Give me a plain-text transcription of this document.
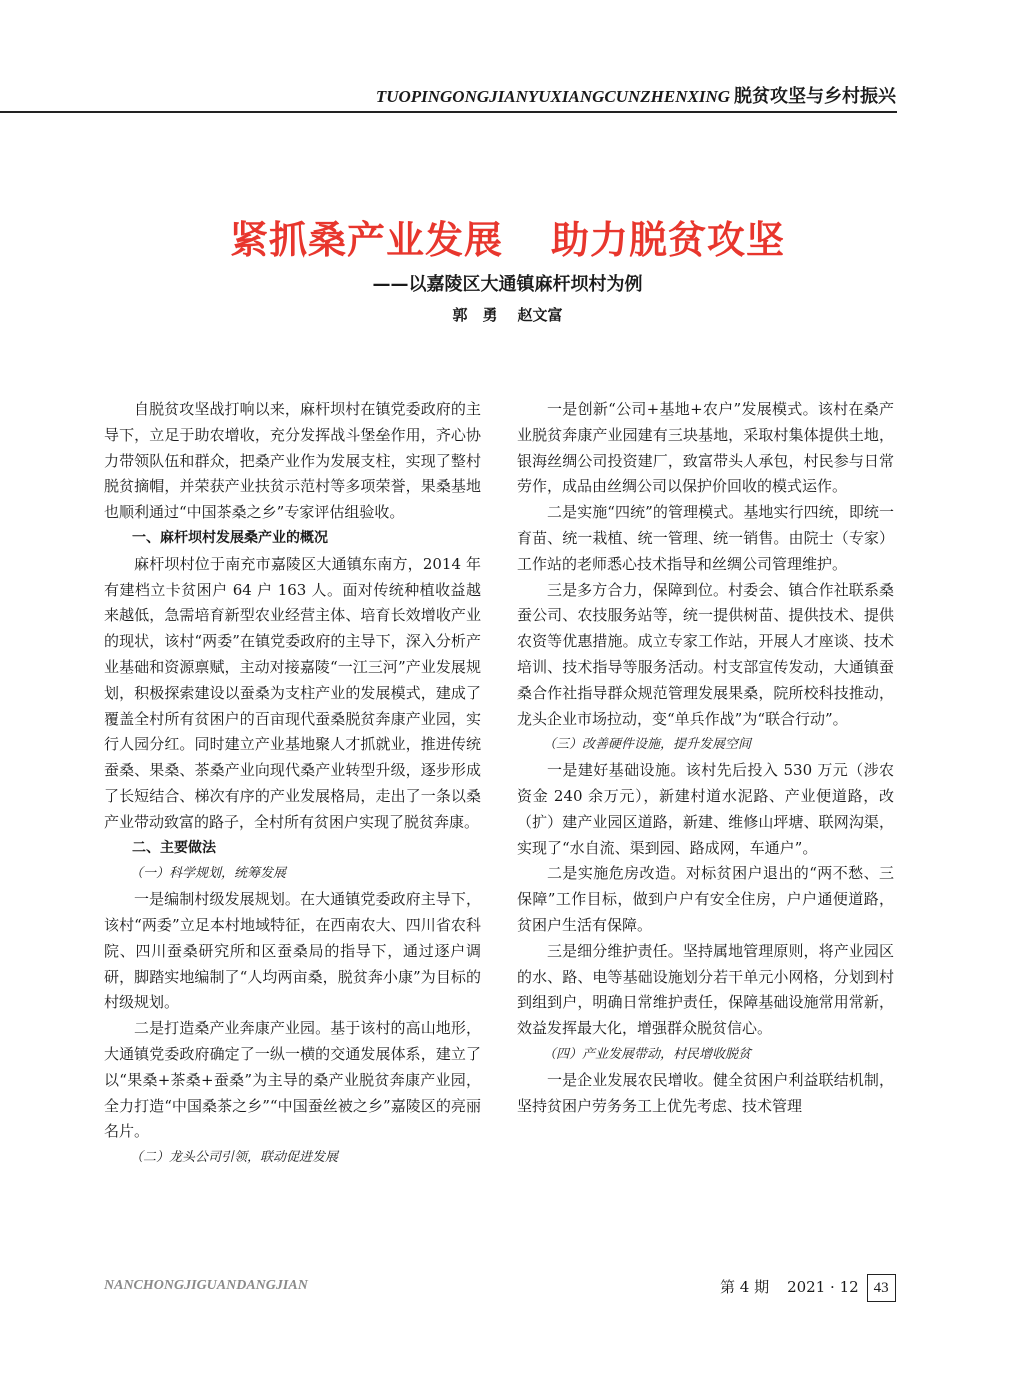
TUOPINGONGJIANYUXIANGCUNZHENXING 脱贫攻坚与乡村振兴
紧抓桑产业发展 助力脱贫攻坚
——以嘉陵区大通镇麻杆坝村为例
郭　勇 赵文富

自脱贫攻坚战打响以来，麻杆坝村在镇党委政府的主导下，立足于助农增收，充分发挥战斗堡垒作用，齐心协力带领队伍和群众，把桑产业作为发展支柱，实现了整村脱贫摘帽，并荣获产业扶贫示范村等多项荣誉，果桑基地也顺利通过“中国茶桑之乡”专家评估组验收。

一、麻杆坝村发展桑产业的概况

麻杆坝村位于南充市嘉陵区大通镇东南方，2014 年有建档立卡贫困户 64 户 163 人。面对传统种植收益越来越低，急需培育新型农业经营主体、培育长效增收产业的现状，该村“两委”在镇党委政府的主导下，深入分析产业基础和资源禀赋，主动对接嘉陵“一江三河”产业发展规划，积极探索建设以蚕桑为支柱产业的发展模式，建成了覆盖全村所有贫困户的百亩现代蚕桑脱贫奔康产业园，实行人园分红。同时建立产业基地聚人才抓就业，推进传统蚕桑、果桑、茶桑产业向现代桑产业转型升级，逐步形成了长短结合、梯次有序的产业发展格局，走出了一条以桑产业带动致富的路子，全村所有贫困户实现了脱贫奔康。

二、主要做法
（一）科学规划，统筹发展

一是编制村级发展规划。在大通镇党委政府主导下，该村“两委”立足本村地域特征，在西南农大、四川省农科院、四川蚕桑研究所和区蚕桑局的指导下，通过逐户调研，脚踏实地编制了“人均两亩桑，脱贫奔小康”为目标的村级规划。

二是打造桑产业奔康产业园。基于该村的高山地形，大通镇党委政府确定了一纵一横的交通发展体系，建立了以“果桑+茶桑+蚕桑”为主导的桑产业脱贫奔康产业园，全力打造“中国桑茶之乡”“中国蚕丝被之乡”嘉陵区的亮丽名片。

（二）龙头公司引领，联动促进发展

一是创新“公司+基地+农户”发展模式。该村在桑产业脱贫奔康产业园建有三块基地，采取村集体提供土地，银海丝绸公司投资建厂，致富带头人承包，村民参与日常劳作，成品由丝绸公司以保护价回收的模式运作。

二是实施“四统”的管理模式。基地实行四统，即统一育苗、统一栽植、统一管理、统一销售。由院士（专家）工作站的老师悉心技术指导和丝绸公司管理维护。

三是多方合力，保障到位。村委会、镇合作社联系桑蚕公司、农技服务站等，统一提供树苗、提供技术、提供农资等优惠措施。成立专家工作站，开展人才座谈、技术培训、技术指导等服务活动。村支部宣传发动，大通镇蚕桑合作社指导群众规范管理发展果桑，院所校科技推动，龙头企业市场拉动，变“单兵作战”为“联合行动”。

（三）改善硬件设施，提升发展空间

一是建好基础设施。该村先后投入 530 万元（涉农资金 240 余万元），新建村道水泥路、产业便道路，改（扩）建产业园区道路，新建、维修山坪塘、联网沟渠，实现了“水自流、渠到园、路成网，车通户”。

二是实施危房改造。对标贫困户退出的“两不愁、三保障”工作目标，做到户户有安全住房，户户通便道路，贫困户生活有保障。

三是细分维护责任。坚持属地管理原则，将产业园区的水、路、电等基础设施划分若干单元小网格，分划到村到组到户，明确日常维护责任，保障基础设施常用常新，效益发挥最大化，增强群众脱贫信心。

（四）产业发展带动，村民增收脱贫

一是企业发展农民增收。健全贫困户利益联结机制，坚持贫困户劳务务工上优先考虑、技术管理

NANCHONGJIGUANDANGJIAN	第 4 期 2021 · 12 43
